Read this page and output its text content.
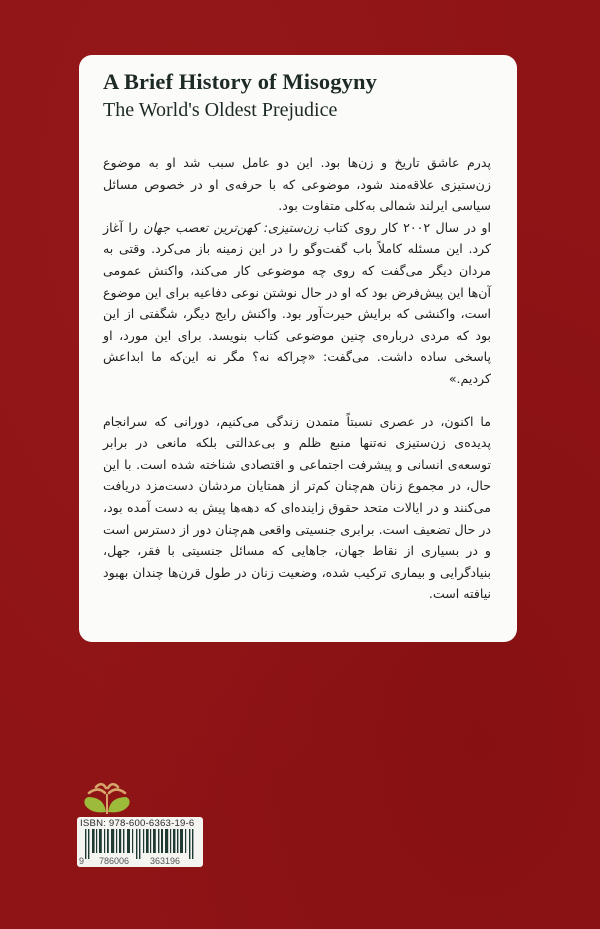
A Brief History of Misogyny
The World's Oldest Prejudice

پدرم عاشق تاریخ و زن‌ها بود. این دو عامل سبب شد او به موضوع زن‌ستیزی علاقه‌مند شود، موضوعی که با حرفه‌ی او در خصوص مسائل سیاسی ایرلند شمالی به‌کلی متفاوت بود.

او در سال ۲۰۰۲ کار روی کتاب زن‌ستیزی: کهن‌ترین تعصب جهان را آغاز کرد. این مسئله کاملاً باب گفت‌وگو را در این زمینه باز می‌کرد. وقتی به مردان دیگر می‌گفت که روی چه موضوعی کار می‌کند، واکنش عمومی آن‌ها این پیش‌فرض بود که او در حال نوشتن نوعی دفاعیه برای این موضوع است، واکنشی که برایش حیرت‌آور بود. واکنش رایج دیگر، شگفتی از این بود که مردی درباره‌ی چنین موضوعی کتاب بنویسد. برای این مورد، او پاسخی ساده داشت. می‌گفت: «چراکه نه؟ مگر نه این‌که ما ابداعش کردیم.»

ما اکنون، در عصری نسبتاً متمدن زندگی می‌کنیم، دورانی که سرانجام پدیده‌ی زن‌ستیزی نه‌تنها منبع ظلم و بی‌عدالتی بلکه مانعی در برابر توسعه‌ی انسانی و پیشرفت اجتماعی و اقتصادی شناخته شده است. با این حال، در مجموع زنان هم‌چنان کم‌تر از همتایان مردشان دست‌مزد دریافت می‌کنند و در ایالات متحد حقوق زاینده‌ای که دهه‌ها پیش به دست آمده بود، در حال تضعیف است. برابری جنسیتی واقعی هم‌چنان دور از دسترس است و در بسیاری از نقاط جهان، جاهایی که مسائل جنسیتی با فقر، جهل، بنیادگرایی و بیماری ترکیب شده، وضعیت زنان در طول قرن‌ها چندان بهبود نیافته است.

ISBN: 978-600-6363-19-6
9 786006 363196
